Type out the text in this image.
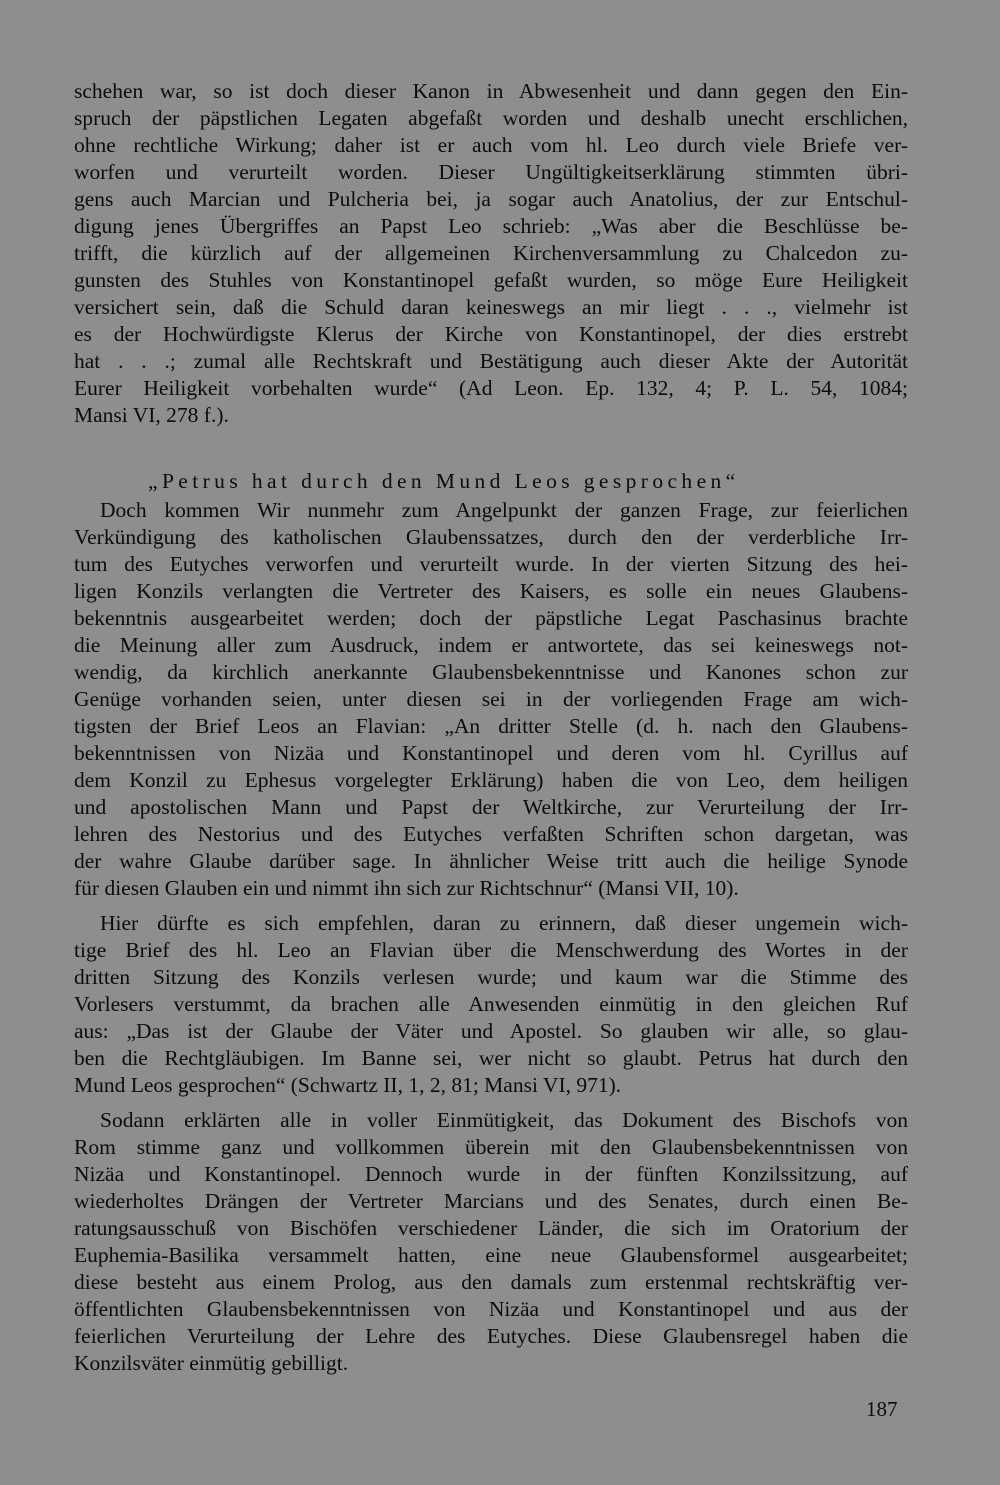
schehen war, so ist doch dieser Kanon in Abwesenheit und dann gegen den Ein-
spruch der päpstlichen Legaten abgefaßt worden und deshalb unecht erschlichen,
ohne rechtliche Wirkung; daher ist er auch vom hl. Leo durch viele Briefe ver-
worfen und verurteilt worden. Dieser Ungültigkeitserklärung stimmten übri-
gens auch Marcian und Pulcheria bei, ja sogar auch Anatolius, der zur Entschul-
digung jenes Übergriffes an Papst Leo schrieb: „Was aber die Beschlüsse be-
trifft, die kürzlich auf der allgemeinen Kirchenversammlung zu Chalcedon zu-
gunsten des Stuhles von Konstantinopel gefaßt wurden, so möge Eure Heiligkeit
versichert sein, daß die Schuld daran keineswegs an mir liegt . . ., vielmehr ist
es der Hochwürdigste Klerus der Kirche von Konstantinopel, der dies erstrebt
hat . . .; zumal alle Rechtskraft und Bestätigung auch dieser Akte der Autorität
Eurer Heiligkeit vorbehalten wurde“ (Ad Leon. Ep. 132, 4; P. L. 54, 1084;
Mansi VI, 278 f.).
„Petrus hat durch den Mund Leos gesprochen“
Doch kommen Wir nunmehr zum Angelpunkt der ganzen Frage, zur feierlichen
Verkündigung des katholischen Glaubenssatzes, durch den der verderbliche Irr-
tum des Eutyches verworfen und verurteilt wurde. In der vierten Sitzung des hei-
ligen Konzils verlangten die Vertreter des Kaisers, es solle ein neues Glaubens-
bekenntnis ausgearbeitet werden; doch der päpstliche Legat Paschasinus brachte
die Meinung aller zum Ausdruck, indem er antwortete, das sei keineswegs not-
wendig, da kirchlich anerkannte Glaubensbekenntnisse und Kanones schon zur
Genüge vorhanden seien, unter diesen sei in der vorliegenden Frage am wich-
tigsten der Brief Leos an Flavian: „An dritter Stelle (d. h. nach den Glaubens-
bekenntnissen von Nizäa und Konstantinopel und deren vom hl. Cyrillus auf
dem Konzil zu Ephesus vorgelegter Erklärung) haben die von Leo, dem heiligen
und apostolischen Mann und Papst der Weltkirche, zur Verurteilung der Irr-
lehren des Nestorius und des Eutyches verfaßten Schriften schon dargetan, was
der wahre Glaube darüber sage. In ähnlicher Weise tritt auch die heilige Synode
für diesen Glauben ein und nimmt ihn sich zur Richtschnur“ (Mansi VII, 10).
Hier dürfte es sich empfehlen, daran zu erinnern, daß dieser ungemein wich-
tige Brief des hl. Leo an Flavian über die Menschwerdung des Wortes in der
dritten Sitzung des Konzils verlesen wurde; und kaum war die Stimme des
Vorlesers verstummt, da brachen alle Anwesenden einmütig in den gleichen Ruf
aus: „Das ist der Glaube der Väter und Apostel. So glauben wir alle, so glau-
ben die Rechtgläubigen. Im Banne sei, wer nicht so glaubt. Petrus hat durch den
Mund Leos gesprochen“ (Schwartz II, 1, 2, 81; Mansi VI, 971).
Sodann erklärten alle in voller Einmütigkeit, das Dokument des Bischofs von
Rom stimme ganz und vollkommen überein mit den Glaubensbekenntnissen von
Nizäa und Konstantinopel. Dennoch wurde in der fünften Konzilssitzung, auf
wiederholtes Drängen der Vertreter Marcians und des Senates, durch einen Be-
ratungsausschuß von Bischöfen verschiedener Länder, die sich im Oratorium der
Euphemia-Basilika versammelt hatten, eine neue Glaubensformel ausgearbeitet;
diese besteht aus einem Prolog, aus den damals zum erstenmal rechtskräftig ver-
öffentlichten Glaubensbekenntnissen von Nizäa und Konstantinopel und aus der
feierlichen Verurteilung der Lehre des Eutyches. Diese Glaubensregel haben die
Konzilsväter einmütig gebilligt.
187
